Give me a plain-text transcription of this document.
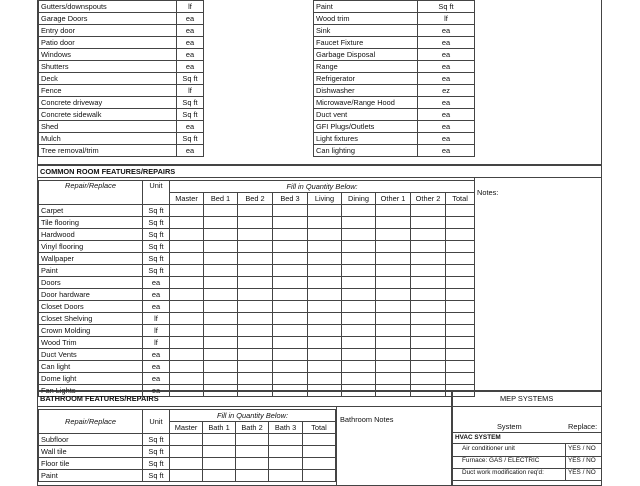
Gutters/downspouts	lf
Garage Doors	ea
Entry door	ea
Patio door	ea
Windows	ea
Shutters	ea
Deck	Sq ft
Fence	lf
Concrete driveway	Sq ft
Concrete sidewalk	Sq ft
Shed	ea
Mulch	Sq ft
Tree removal/trim	ea

Paint	Sq ft
Wood trim	lf
Sink	ea
Faucet Fixture	ea
Garbage Disposal	ea
Range	ea
Refrigerator	ea
Dishwasher	ez
Microwave/Range Hood	ea
Duct vent	ea
GFI Plugs/Outlets	ea
Light fixtures	ea
Can lighting	ea
COMMON ROOM FEATURES/REPAIRS
Repair/Replace	Unit	Fill in Quantity Below:								
		Master	Bed 1	Bed 2	Bed 3	Living	Dining	Other 1	Other 2	Total
Carpet	Sq ft									
Tile flooring	Sq ft									
Hardwood	Sq ft									
Vinyl flooring	Sq ft									
Wallpaper	Sq ft									
Paint	Sq ft									
Doors	ea									
Door hardware	ea									
Closet Doors	ea									
Closet Shelving	lf									
Crown Molding	lf									
Wood Trim	lf									
Duct Vents	ea									
Can light	ea									
Dome light	ea									
Fan Lights	ea									
Notes:
BATHROOM FEATURES/REPAIRS
Repair/Replace	Unit	Fill in Quantity Below:				
		Master	Bath 1	Bath 2	Bath 3	Total
Subfloor	Sq ft					
Wall tile	Sq ft					
Floor tile	Sq ft					
Paint	Sq ft					
Bathroom Notes
MEP SYSTEMS
System	Replace:
HVAC SYSTEM
Air conditioner unit	YES / NO
Furnace: GAS / ELECTRIC	YES / NO
Duct work modification req'd:	YES / NO
